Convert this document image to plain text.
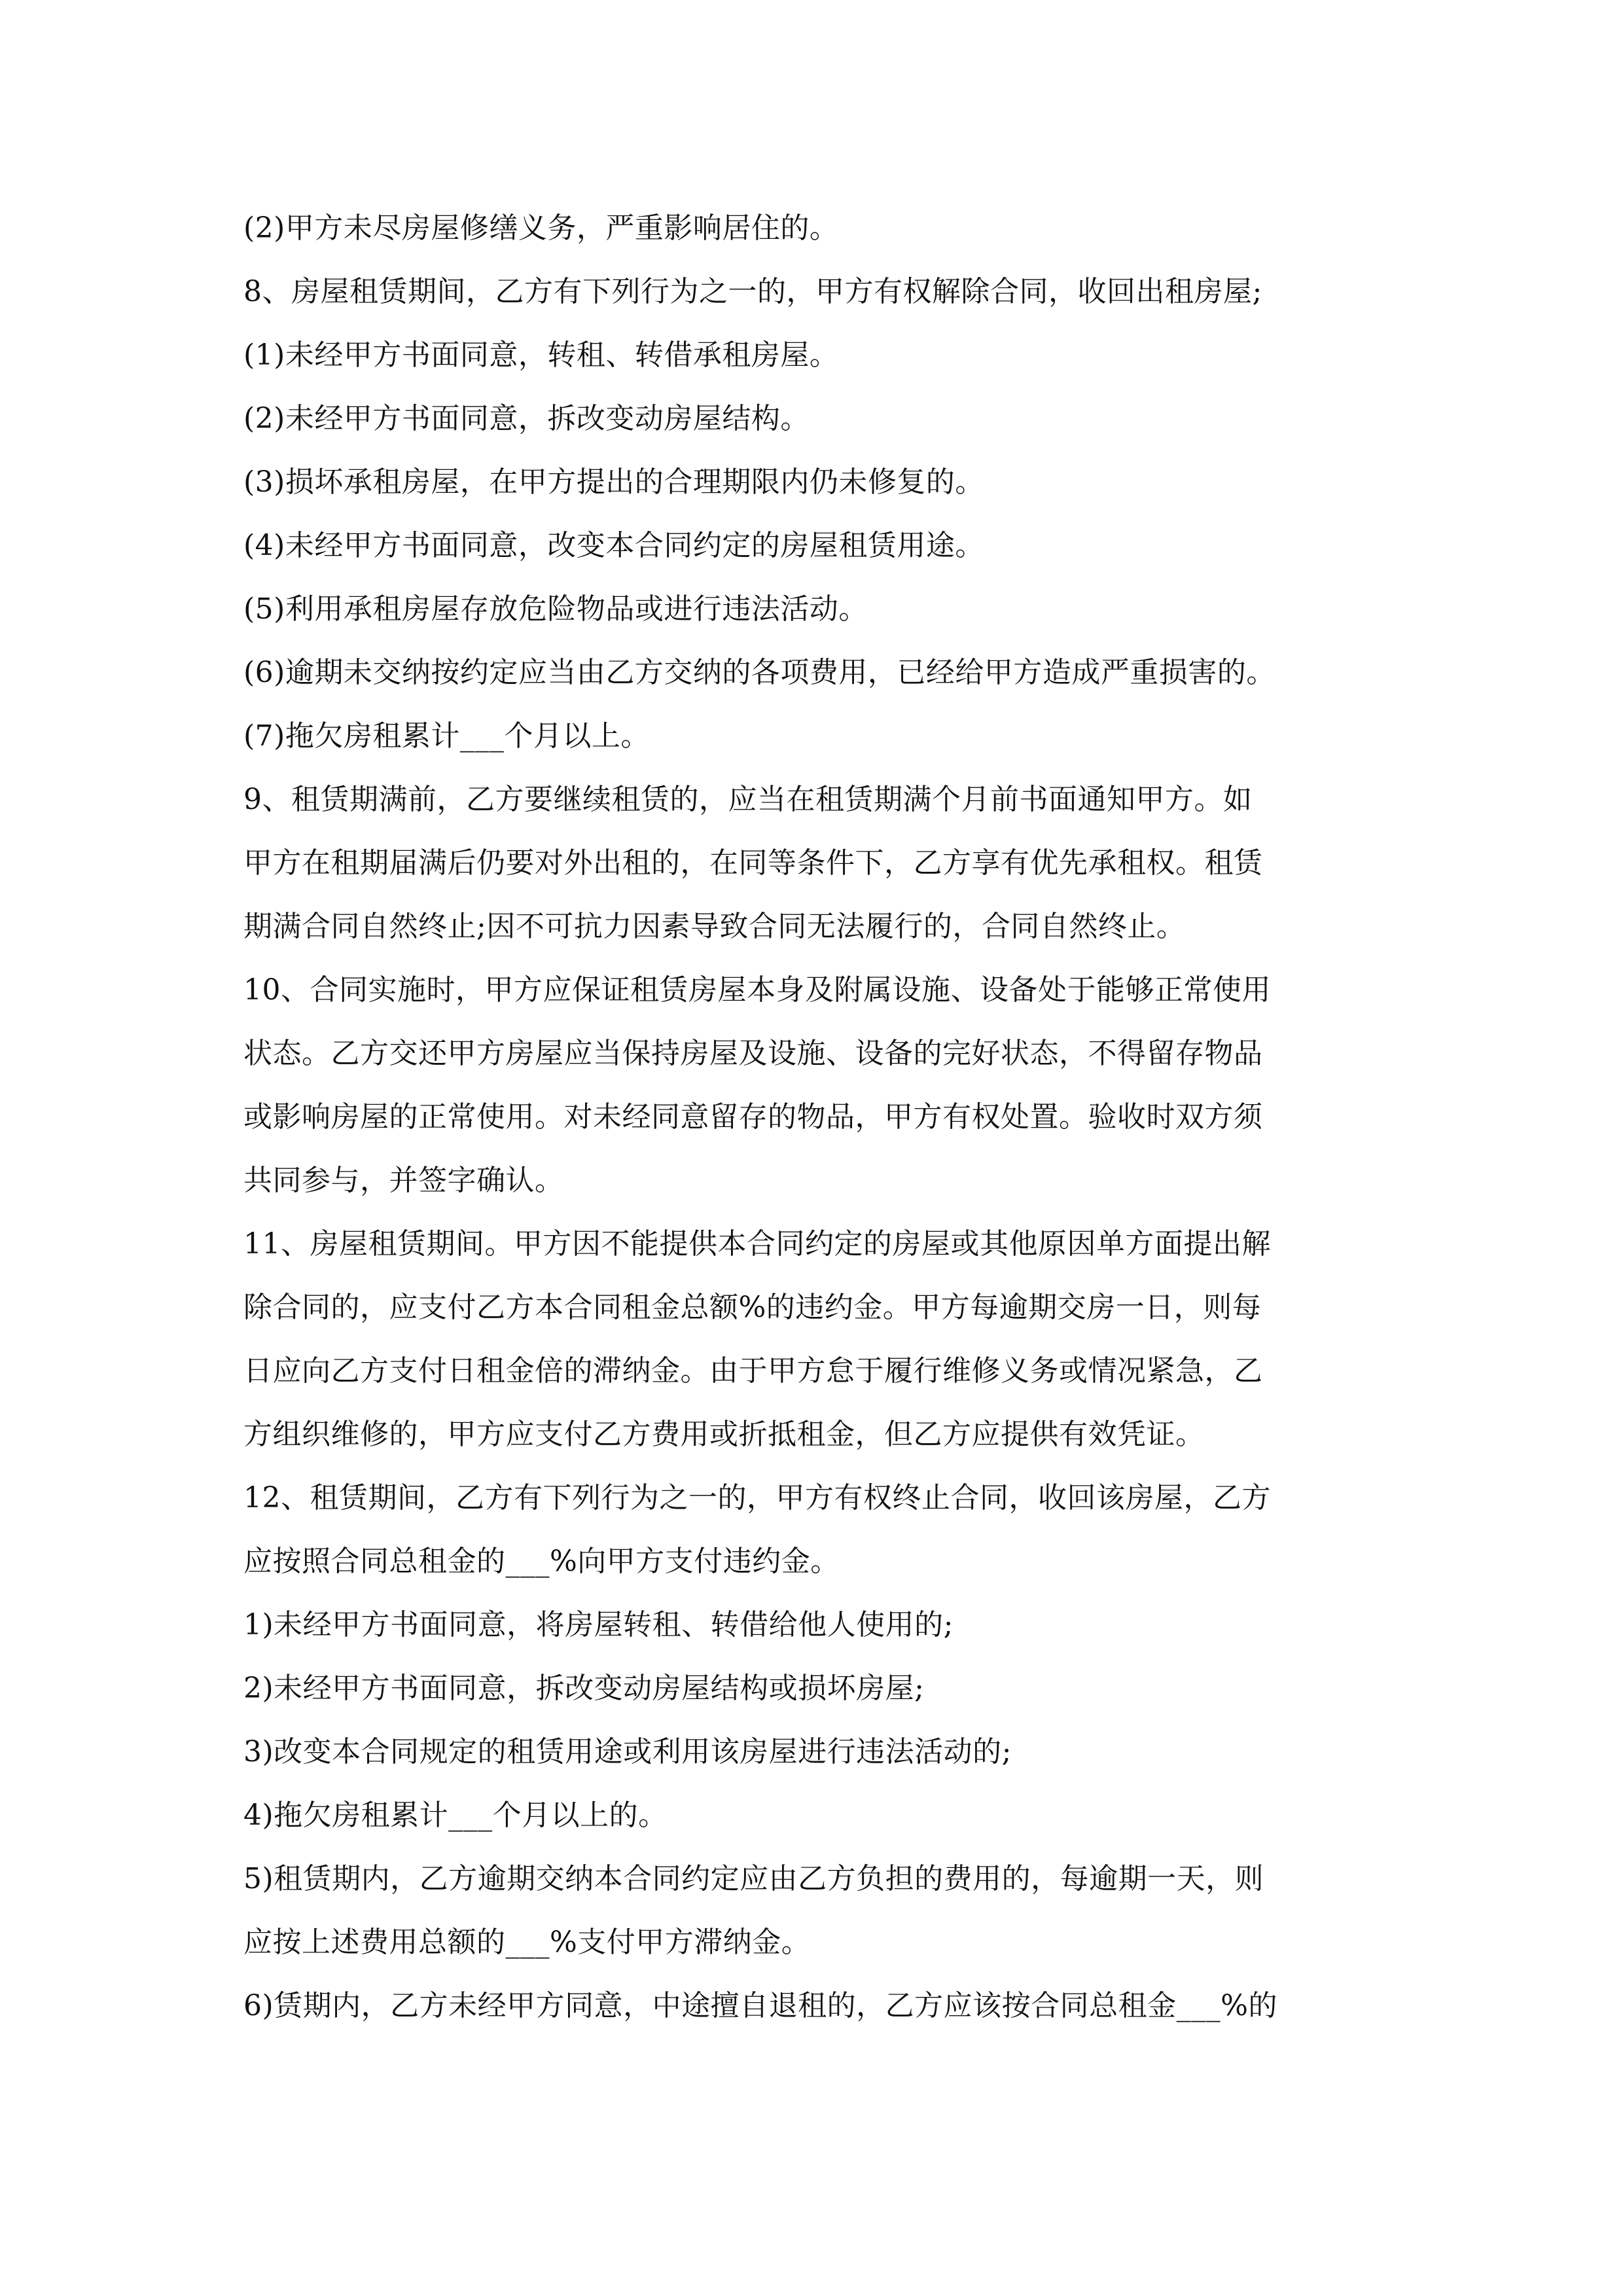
(2)甲方未尽房屋修缮义务，严重影响居住的。
8、房屋租赁期间，乙方有下列行为之一的，甲方有权解除合同，收回出租房屋;
(1)未经甲方书面同意，转租、转借承租房屋。
(2)未经甲方书面同意，拆改变动房屋结构。
(3)损坏承租房屋，在甲方提出的合理期限内仍未修复的。
(4)未经甲方书面同意，改变本合同约定的房屋租赁用途。
(5)利用承租房屋存放危险物品或进行违法活动。
(6)逾期未交纳按约定应当由乙方交纳的各项费用，已经给甲方造成严重损害的。
(7)拖欠房租累计___个月以上。
9、租赁期满前，乙方要继续租赁的，应当在租赁期满个月前书面通知甲方。如
甲方在租期届满后仍要对外出租的，在同等条件下，乙方享有优先承租权。租赁
期满合同自然终止;因不可抗力因素导致合同无法履行的，合同自然终止。
10、合同实施时，甲方应保证租赁房屋本身及附属设施、设备处于能够正常使用
状态。乙方交还甲方房屋应当保持房屋及设施、设备的完好状态，不得留存物品
或影响房屋的正常使用。对未经同意留存的物品，甲方有权处置。验收时双方须
共同参与，并签字确认。
11、房屋租赁期间。甲方因不能提供本合同约定的房屋或其他原因单方面提出解
除合同的，应支付乙方本合同租金总额%的违约金。甲方每逾期交房一日，则每
日应向乙方支付日租金倍的滞纳金。由于甲方怠于履行维修义务或情况紧急，乙
方组织维修的，甲方应支付乙方费用或折抵租金，但乙方应提供有效凭证。
12、租赁期间，乙方有下列行为之一的，甲方有权终止合同，收回该房屋，乙方
应按照合同总租金的___%向甲方支付违约金。
1)未经甲方书面同意，将房屋转租、转借给他人使用的;
2)未经甲方书面同意，拆改变动房屋结构或损坏房屋;
3)改变本合同规定的租赁用途或利用该房屋进行违法活动的;
4)拖欠房租累计___个月以上的。
5)租赁期内，乙方逾期交纳本合同约定应由乙方负担的费用的，每逾期一天，则
应按上述费用总额的___%支付甲方滞纳金。
6)赁期内，乙方未经甲方同意，中途擅自退租的，乙方应该按合同总租金___%的
